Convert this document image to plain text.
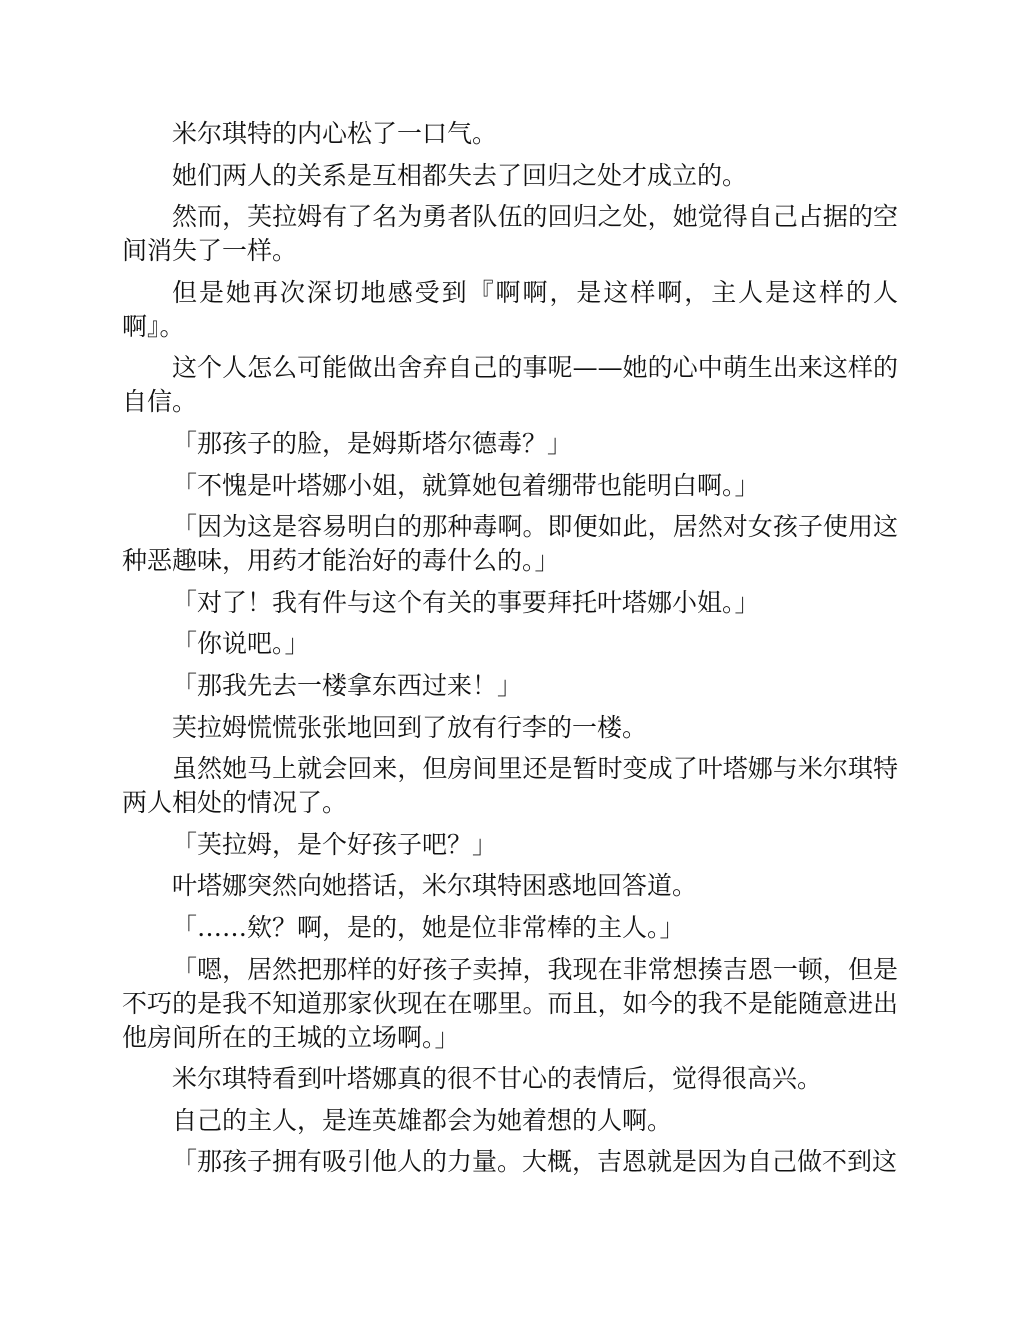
米尔琪特的内心松了一口气。

她们两人的关系是互相都失去了回归之处才成立的。

然而，芙拉姆有了名为勇者队伍的回归之处，她觉得自己占据的空间消失了一样。

但是她再次深切地感受到『啊啊，是这样啊，主人是这样的人啊』。

这个人怎么可能做出舍弃自己的事呢——她的心中萌生出来这样的自信。

「那孩子的脸，是姆斯塔尔德毒？」

「不愧是叶塔娜小姐，就算她包着绷带也能明白啊。」

「因为这是容易明白的那种毒啊。即便如此，居然对女孩子使用这种恶趣味，用药才能治好的毒什么的。」

「对了！我有件与这个有关的事要拜托叶塔娜小姐。」

「你说吧。」

「那我先去一楼拿东西过来！」

芙拉姆慌慌张张地回到了放有行李的一楼。

虽然她马上就会回来，但房间里还是暂时变成了叶塔娜与米尔琪特两人相处的情况了。

「芙拉姆，是个好孩子吧？」

叶塔娜突然向她搭话，米尔琪特困惑地回答道。

「……欸？啊，是的，她是位非常棒的主人。」

「嗯，居然把那样的好孩子卖掉，我现在非常想揍吉恩一顿，但是不巧的是我不知道那家伙现在在哪里。而且，如今的我不是能随意进出他房间所在的王城的立场啊。」

米尔琪特看到叶塔娜真的很不甘心的表情后，觉得很高兴。

自己的主人，是连英雄都会为她着想的人啊。

「那孩子拥有吸引他人的力量。大概，吉恩就是因为自己做不到这
